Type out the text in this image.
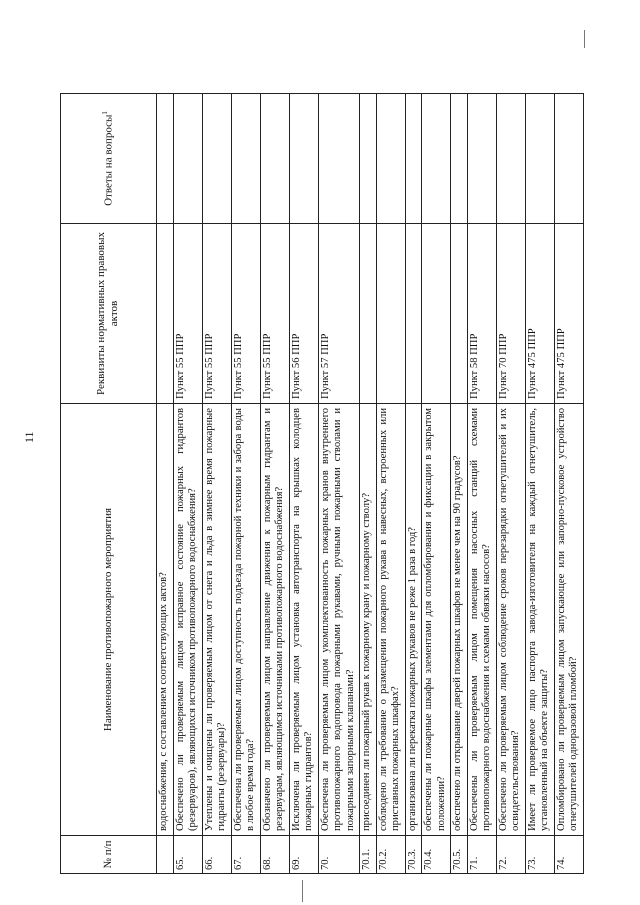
11
№ п/п	Наименование противопожарного мероприятия	Реквизиты нормативных правовых актов	Ответы на вопросы$^1$
	водоснабжения, с составлением соответствующих актов?		
65.	Обеспечено ли проверяемым лицом исправное состояние пожарных гидрантов (резервуаров), являющихся источником противопожарного водоснабжения?	Пункт 55 ППР	
66.	Утеплены и очищены ли проверяемым лицом от снега и льда в зимнее время пожарные гидранты (резервуары)?	Пункт 55 ППР	
67.	Обеспечена ли проверяемым лицом доступность подъезда пожарной техники и забора воды в любое время года?	Пункт 55 ППР	
68.	Обозначено ли проверяемым лицом направление движения к пожарным гидрантам и резервуарам, являющимся источниками противопожарного водоснабжения?	Пункт 55 ППР	
69.	Исключена ли проверяемым лицом установка автотранспорта на крышках колодцев пожарных гидрантов?	Пункт 56 ППР	
70.	Обеспечена ли проверяемым лицом укомплектованность пожарных кранов внутреннего противопожарного водопровода пожарными рукавами, ручными пожарными стволами и пожарными запорными клапанами?	Пункт 57 ППР	
70.1.	присоединен ли пожарный рукав к пожарному крану и пожарному стволу?		
70.2.	соблюдено ли требование о размещении пожарного рукава в навесных, встроенных или приставных пожарных шкафах?		
70.3.	организована ли перекатка пожарных рукавов не реже 1 раза в год?		
70.4.	обеспечены ли пожарные шкафы элементами для опломбирования и фиксации в закрытом положении?		
70.5.	обеспечено ли открывание дверей пожарных шкафов не менее чем на 90 градусов?		
71.	Обеспечены ли проверяемым лицом помещения насосных станций схемами противопожарного водоснабжения и схемами обвязки насосов?	Пункт 58 ППР	
72.	Обеспечено ли проверяемым лицом соблюдение сроков перезарядки огнетушителей и их освидетельствования?	Пункт 70 ППР	
73.	Имеет ли проверяемое лицо паспорта завода-изготовителя на каждый огнетушитель, установленный на объекте защиты?	Пункт 475 ППР	
74.	Опломбировано ли проверяемым лицом запускающее или запорно-пусковое устройство огнетушителей одноразовой пломбой?	Пункт 475 ППР	
